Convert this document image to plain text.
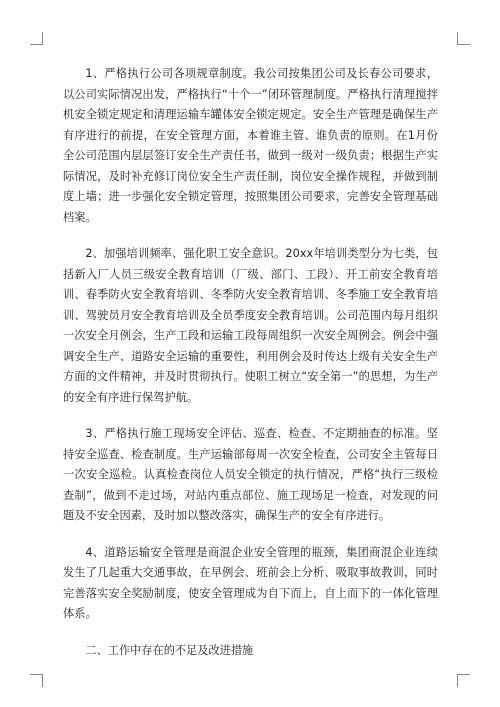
1、严格执行公司各项规章制度。我公司按集团公司及长春公司要求，以公司实际情况出发，严格执行“十个一”闭环管理制度。严格执行清理搅拌机安全锁定规定和清理运输车罐体安全锁定规定。安全生产管理是确保生产有序进行的前提，在安全管理方面，本着谁主管、谁负责的原则。在1月份全公司范围内层层签订安全生产责任书，做到一级对一级负责；根据生产实际情况，及时补充修订岗位安全生产责任制，岗位安全操作规程，并做到制度上墙；进一步强化安全锁定管理，按照集团公司要求，完善安全管理基础档案。

2、加强培训频率、强化职工安全意识。20xx年培训类型分为七类，包括新入厂人员三级安全教育培训（厂级、部门、工段）、开工前安全教育培训、春季防火安全教育培训、冬季防火安全教育培训、冬季施工安全教育培训、驾驶员月安全教育培训及全员季度安全教育培训。公司范围内每月组织一次安全月例会，生产工段和运输工段每周组织一次安全周例会。例会中强调安全生产、道路安全运输的重要性，利用例会及时传达上级有关安全生产方面的文件精神，并及时贯彻执行。使职工树立“安全第一”的思想，为生产的安全有序进行保驾护航。

3、严格执行施工现场安全评估、巡查、检查、不定期抽查的标准。坚持安全巡查、检查制度。生产运输部每周一次安全检查，公司安全主管每日一次安全巡检。认真检查岗位人员安全锁定的执行情况，严格“执行三级检查制”，做到不走过场，对站内重点部位、施工现场足一检查，对发现的问题及不安全因素，及时加以整改落实，确保生产的安全有序进行。

4、道路运输安全管理是商混企业安全管理的瓶颈，集团商混企业连续发生了几起重大交通事故，在早例会、班前会上分析、吸取事故教训，同时完善落实安全奖励制度，使安全管理成为自下而上，自上而下的一体化管理体系。

二、工作中存在的不足及改进措施
